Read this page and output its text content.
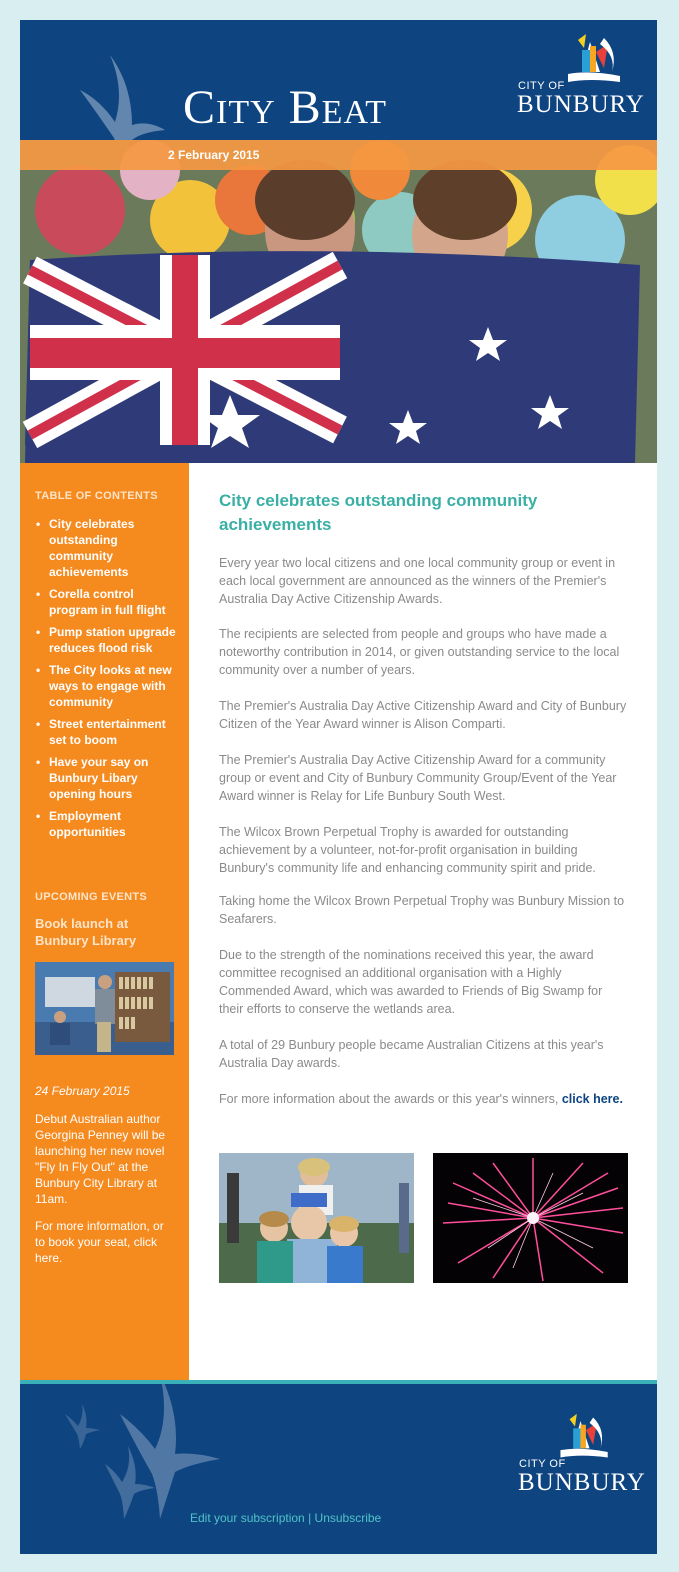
City Beat	CITY OF
BUNBURY
2 February 2015
TABLE OF CONTENTS
• City celebrates outstanding community achievements
• Corella control program in full flight
• Pump station upgrade reduces flood risk
• The City looks at new ways to engage with community
• Street entertainment set to boom
• Have your say on Bunbury Libary opening hours
• Employment opportunities
UPCOMING EVENTS
Book launch at Bunbury Library
24 February 2015
Debut Australian author Georgina Penney will be launching her new novel "Fly In Fly Out" at the Bunbury City Library at 11am.
For more information, or to book your seat, click here.
City celebrates outstanding community achievements

Every year two local citizens and one local community group or event in each local government are announced as the winners of the Premier's Australia Day Active Citizenship Awards.

The recipients are selected from people and groups who have made a noteworthy contribution in 2014, or given outstanding service to the local community over a number of years.

The Premier's Australia Day Active Citizenship Award and City of Bunbury Citizen of the Year Award winner is Alison Comparti.

The Premier's Australia Day Active Citizenship Award for a community group or event and City of Bunbury Community Group/Event of the Year Award winner is Relay for Life Bunbury South West.

The Wilcox Brown Perpetual Trophy is awarded for outstanding achievement by a volunteer, not-for-profit organisation in building Bunbury's community life and enhancing community spirit and pride.

Taking home the Wilcox Brown Perpetual Trophy was Bunbury Mission to Seafarers.

Due to the strength of the nominations received this year, the award committee recognised an additional organisation with a Highly Commended Award, which was awarded to Friends of Big Swamp for their efforts to conserve the wetlands area.

A total of 29 Bunbury people became Australian Citizens at this year's Australia Day awards.

For more information about the awards or this year's winners, click here.

CITY OF
BUNBURY
Edit your subscription | Unsubscribe
